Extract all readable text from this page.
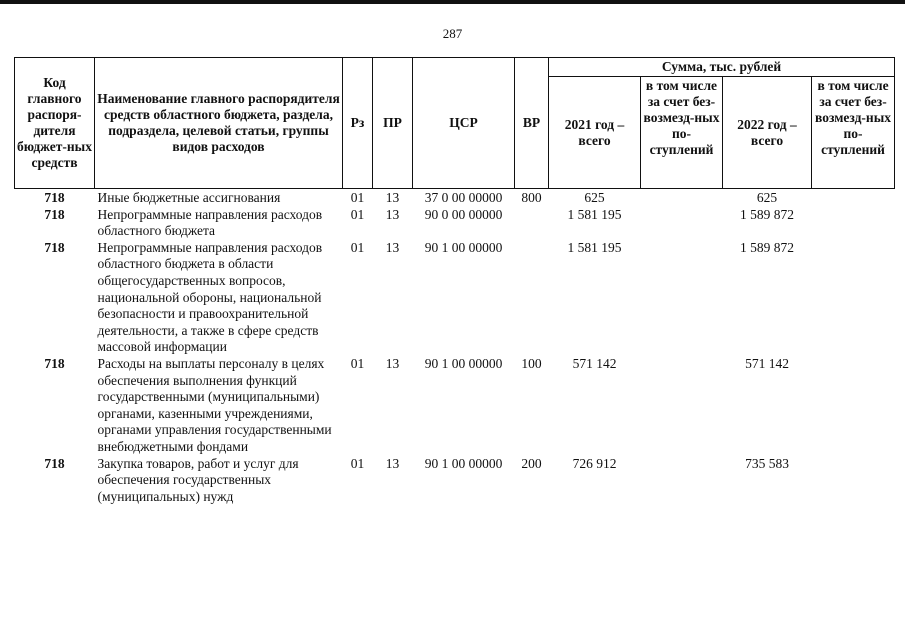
287
Код главного распоря-дителя бюджет-ных средств	Наименование главного распорядителя средств областного бюджета, раздела, подраздела, целевой статьи, группы видов расходов	Рз	ПР	ЦСР	ВР	Сумма, тыс. рублей			
						2021 год – всего	в том числе за счет без-возмезд-ных по-ступлений	2022 год – всего	в том числе за счет без-возмезд-ных по-ступлений
718	Иные бюджетные ассигнования	01	13	37 0 00 00000	800	625		625	
718	Непрограммные направления расходов областного бюджета	01	13	90 0 00 00000		1 581 195		1 589 872	
718	Непрограммные направления расходов областного бюджета в области общегосударственных вопросов, национальной обороны, национальной безопасности и правоохранительной деятельности, а также в сфере средств массовой информации	01	13	90 1 00 00000		1 581 195		1 589 872	
718	Расходы на выплаты персоналу в целях обеспечения выполнения функций государственными (муниципальными) органами, казенными учреждениями, органами управления государственными внебюджетными фондами	01	13	90 1 00 00000	100	571 142		571 142	
718	Закупка товаров, работ и услуг для обеспечения государственных (муниципальных) нужд	01	13	90 1 00 00000	200	726 912		735 583	
